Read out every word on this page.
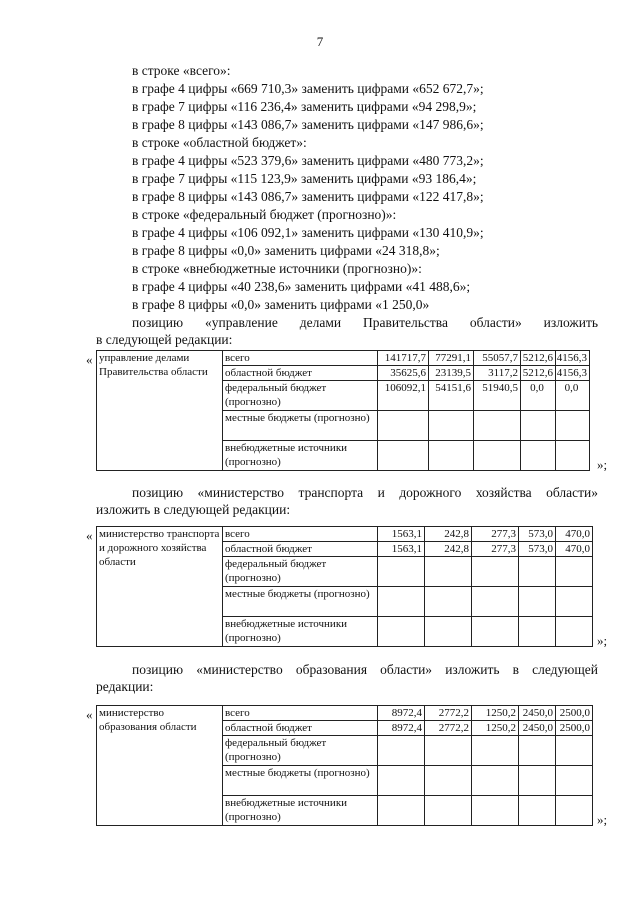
7
в строке «всего»:
в графе 4 цифры «669 710,3» заменить цифрами «652 672,7»;
в графе 7 цифры «116 236,4» заменить цифрами «94 298,9»;
в графе 8 цифры «143 086,7» заменить цифрами «147 986,6»;
в строке «областной бюджет»:
в графе 4 цифры «523 379,6» заменить цифрами «480 773,2»;
в графе 7 цифры «115 123,9» заменить цифрами «93 186,4»;
в графе 8 цифры «143 086,7» заменить цифрами «122 417,8»;
в строке «федеральный бюджет (прогнозно)»:
в графе 4 цифры «106 092,1» заменить цифрами «130 410,9»;
в графе 8 цифры «0,0» заменить цифрами «24 318,8»;
в строке «внебюджетные источники (прогнозно)»:
в графе 4 цифры «40 238,6» заменить цифрами «41 488,6»;
в графе 8 цифры «0,0» заменить цифрами «1 250,0»
позицию «управление делами Правительства области» изложить
в следующей редакции:
« управление делами Правительства области	всего	141717,7	77291,1	55057,7	5212,6	4156,3
	областной бюджет	35625,6	23139,5	3117,2	5212,6	4156,3
	федеральный бюджет (прогнозно)	106092,1	54151,6	51940,5	0,0	0,0
	местные бюджеты (прогнозно)					
	внебюджетные источники (прогнозно)						»;
позицию «министерство транспорта и дорожного хозяйства области»
изложить в следующей редакции:
« министерство транспорта и дорожного хозяйства области	всего	1563,1	242,8	277,3	573,0	470,0
	областной бюджет	1563,1	242,8	277,3	573,0	470,0
	федеральный бюджет (прогнозно)					
	местные бюджеты (прогнозно)					
	внебюджетные источники (прогнозно)						»;
позицию «министерство образования области» изложить в следующей
редакции:
« министерство образования области	всего	8972,4	2772,2	1250,2	2450,0	2500,0
	областной бюджет	8972,4	2772,2	1250,2	2450,0	2500,0
	федеральный бюджет (прогнозно)					
	местные бюджеты (прогнозно)					
	внебюджетные источники (прогнозно)						»;
